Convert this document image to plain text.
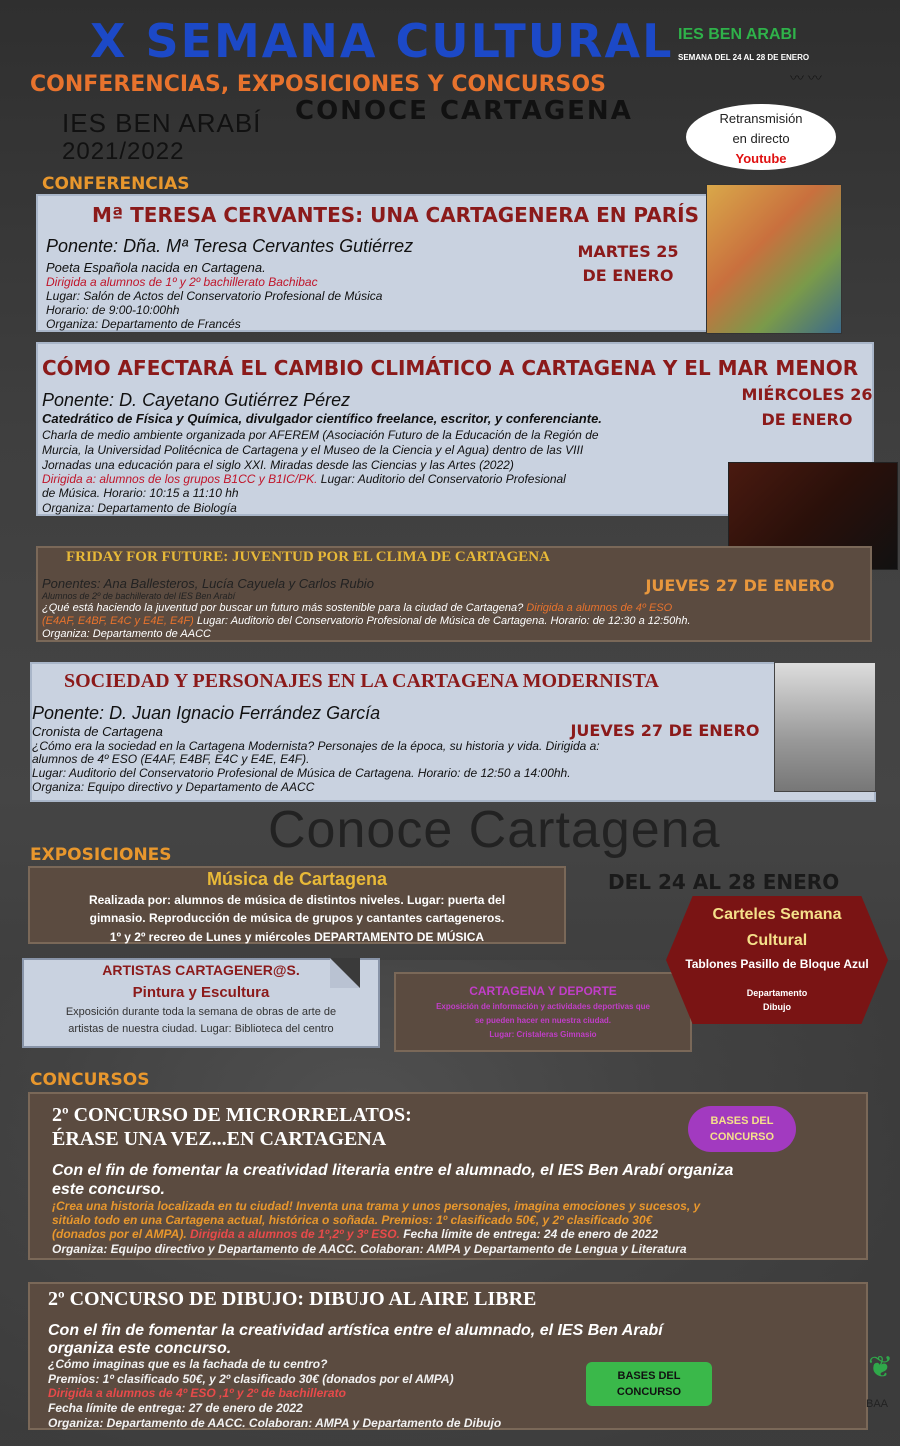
X SEMANA CULTURAL
CONFERENCIAS, EXPOSICIONES Y CONCURSOS
IES BEN ARABÍ
2021/2022
CONOCE CARTAGENA
IES BEN ARABI
SEMANA DEL 24 AL 28 DE ENERO
〰 〰
Retransmisión
en directo
Youtube
CONFERENCIAS
Mª TERESA CERVANTES: UNA CARTAGENERA EN PARÍS
Ponente: Dña. Mª Teresa Cervantes Gutiérrez
Poeta Española nacida en Cartagena.
Dirigida a alumnos de 1º y 2º bachillerato Bachibac
Lugar: Salón de Actos del Conservatorio Profesional de Música
Horario: de 9:00-10:00hh
Organiza: Departamento de Francés
MARTES 25
DE ENERO
CÓMO AFECTARÁ EL CAMBIO CLIMÁTICO A CARTAGENA Y EL MAR MENOR
Ponente: D. Cayetano Gutiérrez Pérez
Catedrático de Física y Química, divulgador científico freelance, escritor, y conferenciante.
Charla de medio ambiente organizada por AFEREM (Asociación Futuro de la Educación de la Región de
Murcia, la Universidad Politécnica de Cartagena y el Museo de la Ciencia y el Agua) dentro de las VIII
Jornadas una educación para el siglo XXI. Miradas desde las Ciencias y las Artes (2022)
Dirigida a: alumnos de los grupos B1CC y B1IC/PK. Lugar: Auditorio del Conservatorio Profesional
de Música. Horario: 10:15 a 11:10 hh
Organiza: Departamento de Biología
MIÉRCOLES 26
DE ENERO
FRIDAY FOR FUTURE: JUVENTUD POR EL CLIMA DE CARTAGENA
Ponentes: Ana Ballesteros, Lucía Cayuela y Carlos Rubio
Alumnos de 2º de bachillerato del IES Ben Arabí
JUEVES 27 DE ENERO
¿Qué está haciendo la juventud por buscar un futuro más sostenible para la ciudad de Cartagena? Dirigida a alumnos de 4º ESO
(E4AF, E4BF, E4C y E4E, E4F) Lugar: Auditorio del Conservatorio Profesional de Música de Cartagena. Horario: de 12:30 a 12:50hh.
Organiza: Departamento de AACC
SOCIEDAD Y PERSONAJES EN LA CARTAGENA MODERNISTA
Ponente: D. Juan Ignacio Ferrández García
Cronista de Cartagena	JUEVES 27 DE ENERO
¿Cómo era la sociedad en la Cartagena Modernista? Personajes de la época, su historia y vida. Dirigida a:
alumnos de 4º ESO (E4AF, E4BF, E4C y E4E, E4F).
Lugar: Auditorio del Conservatorio Profesional de Música de Cartagena. Horario: de 12:50 a 14:00hh.
Organiza: Equipo directivo y Departamento de AACC
Conoce Cartagena
DEL 24 AL 28 ENERO
EXPOSICIONES
Música de Cartagena
Realizada por: alumnos de música de distintos niveles. Lugar: puerta del
gimnasio. Reproducción de música de grupos y cantantes cartageneros.
1º y 2º recreo de Lunes y miércoles DEPARTAMENTO DE MÚSICA
ARTISTAS CARTAGENER@S.
Pintura y Escultura
Exposición durante toda la semana de obras de arte de
artistas de nuestra ciudad. Lugar: Biblioteca del centro
CARTAGENA Y DEPORTE
Exposición de información y actividades deportivas que
se pueden hacer en nuestra ciudad.
Lugar: Cristaleras Gimnasio
Carteles Semana
Cultural
Tablones Pasillo de Bloque Azul
Departamento
Dibujo
CONCURSOS
2º CONCURSO DE MICRORRELATOS:
ÉRASE UNA VEZ...EN CARTAGENA
BASES DEL
CONCURSO
Con el fin de fomentar la creatividad literaria entre el alumnado, el IES Ben Arabí organiza
este concurso.
¡Crea una historia localizada en tu ciudad! Inventa una trama y unos personajes, imagina emociones y sucesos, y
sitúalo todo en una Cartagena actual, histórica o soñada. Premios: 1º clasificado 50€, y 2º clasificado 30€
(donados por el AMPA). Dirigida a alumnos de 1º,2º y 3º ESO. Fecha límite de entrega: 24 de enero de 2022
Organiza: Equipo directivo y Departamento de AACC. Colaboran: AMPA y Departamento de Lengua y Literatura
2º CONCURSO DE DIBUJO: DIBUJO AL AIRE LIBRE
Con el fin de fomentar la creatividad artística entre el alumnado, el IES Ben Arabí
organiza este concurso.
¿Cómo imaginas que es la fachada de tu centro?
Premios: 1º clasificado 50€, y 2º clasificado 30€ (donados por el AMPA)
Dirigida a alumnos de 4º ESO ,1º y 2º de bachillerato
Fecha límite de entrega: 27 de enero de 2022
Organiza: Departamento de AACC. Colaboran: AMPA y Departamento de Dibujo
BASES DEL
CONCURSO
❦
BAA
